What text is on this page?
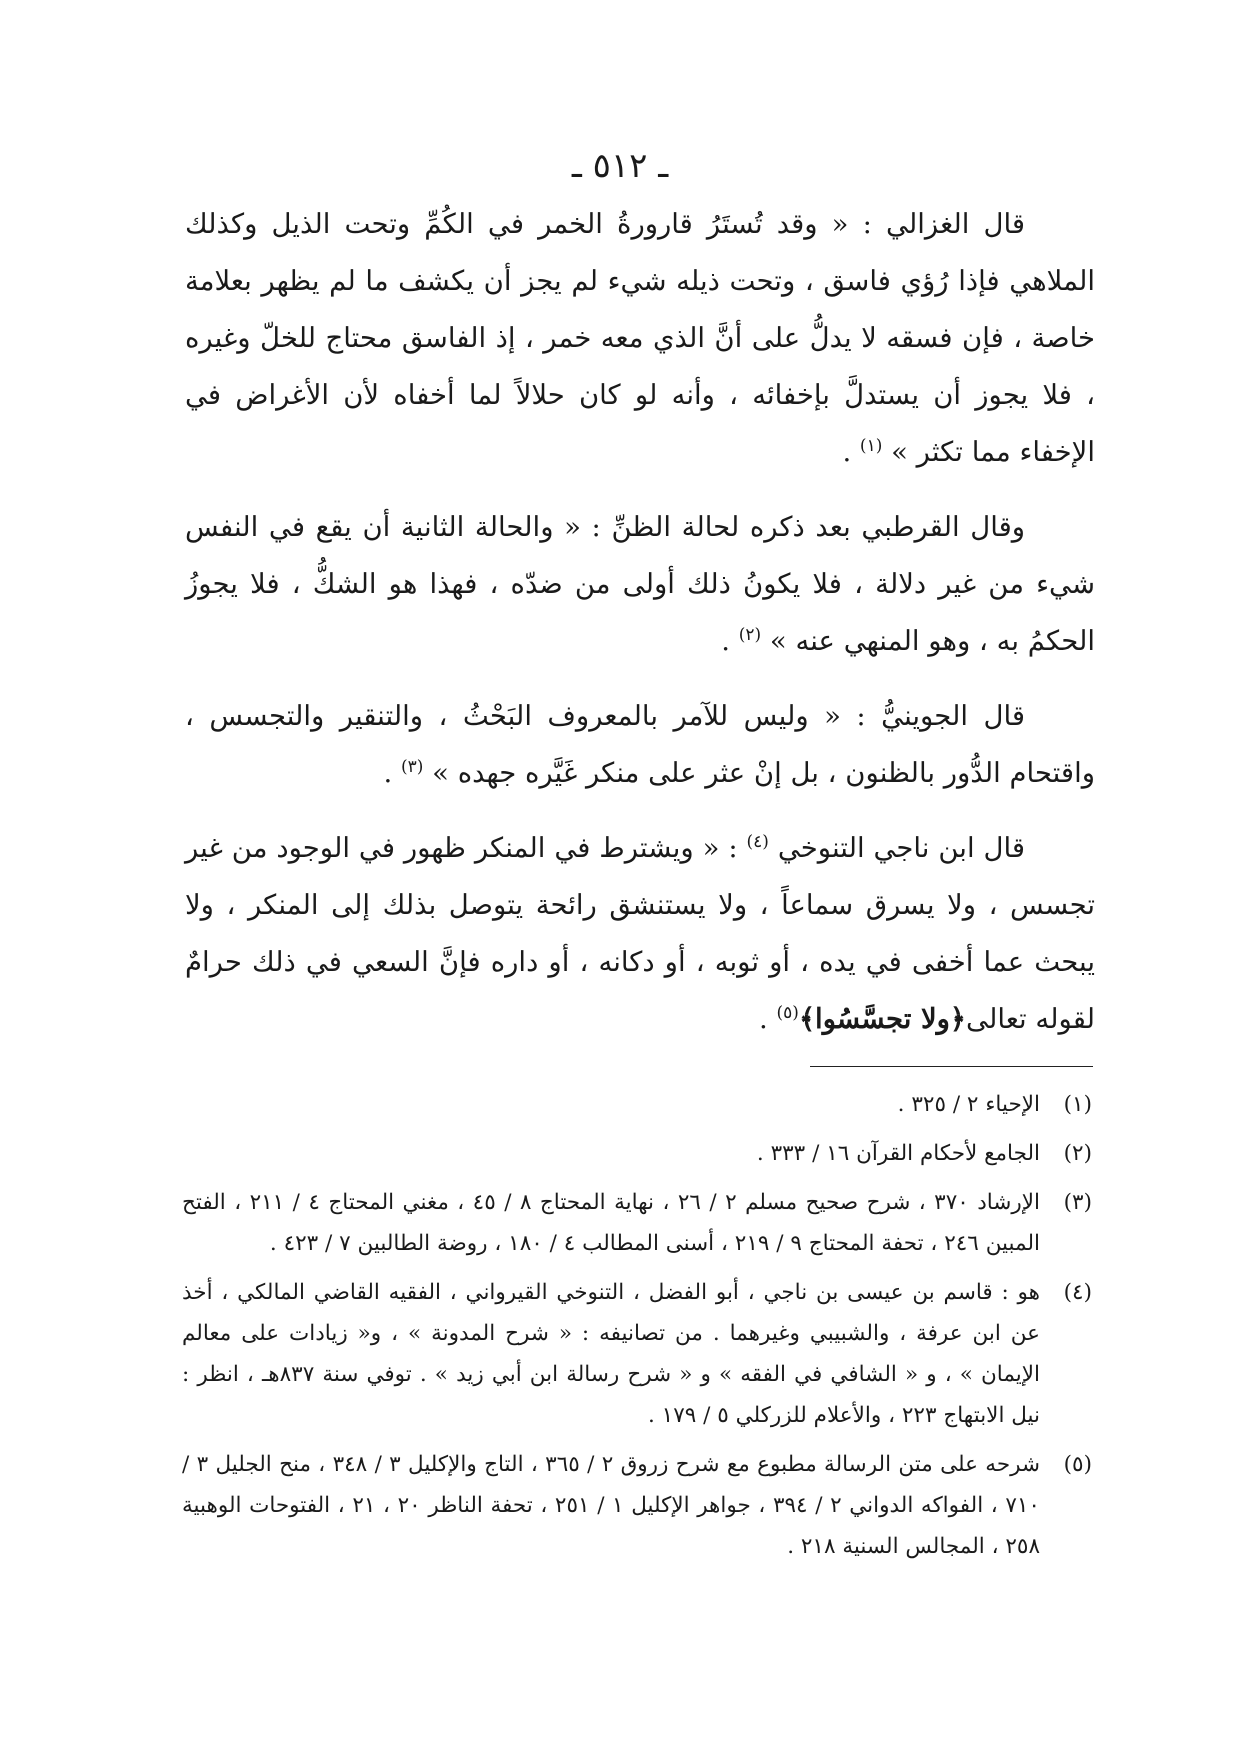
ـ ٥١٢ ـ

قال الغزالي : « وقد تُستَرُ قارورةُ الخمر في الكُمِّ وتحت الذيل وكذلك الملاهي فإذا رُؤي فاسق ، وتحت ذيله شيء لم يجز أن يكشف ما لم يظهر بعلامة خاصة ، فإن فسقه لا يدلُّ على أنَّ الذي معه خمر ، إذ الفاسق محتاج للخلّ وغيره ، فلا يجوز أن يستدلَّ بإخفائه ، وأنه لو كان حلالاً لما أخفاه لأن الأغراض في الإخفاء مما تكثر » $^{(١)}$ .

وقال القرطبي بعد ذكره لحالة الظنِّ : « والحالة الثانية أن يقع في النفس شيء من غير دلالة ، فلا يكونُ ذلك أولى من ضدّه ، فهذا هو الشكُّ ، فلا يجوزُ الحكمُ به ، وهو المنهي عنه » $^{(٢)}$ .

قال الجوينيُّ : « وليس للآمر بالمعروف البَحْثُ ، والتنقير والتجسس ، واقتحام الدُّور بالظنون ، بل إنْ عثر على منكر غَيَّره جهده » $^{(٣)}$ .

قال ابن ناجي التنوخي $^{(٤)}$ : « ويشترط في المنكر ظهور في الوجود من غير تجسس ، ولا يسرق سماعاً ، ولا يستنشق رائحة يتوصل بذلك إلى المنكر ، ولا يبحث عما أخفى في يده ، أو ثوبه ، أو دكانه ، أو داره فإنَّ السعي في ذلك حرامٌ لقوله تعالى﴿ولا تجسَّسُوا﴾$^{(٥)}$ .

(١)
الإحياء ٢ / ٣٢٥ .
(٢)
الجامع لأحكام القرآن ١٦ / ٣٣٣ .
(٣)
الإرشاد ٣٧٠ ، شرح صحيح مسلم ٢ / ٢٦ ، نهاية المحتاج ٨ / ٤٥ ، مغني المحتاج ٤ / ٢١١ ، الفتح المبين ٢٤٦ ، تحفة المحتاج ٩ / ٢١٩ ، أسنى المطالب ٤ / ١٨٠ ، روضة الطالبين ٧ / ٤٢٣ .
(٤)
هو : قاسم بن عيسى بن ناجي ، أبو الفضل ، التنوخي القيرواني ، الفقيه القاضي المالكي ، أخذ عن ابن عرفة ، والشبيبي وغيرهما . من تصانيفه : « شرح المدونة » ، و« زيادات على معالم الإيمان » ، و « الشافي في الفقه » و « شرح رسالة ابن أبي زيد » . توفي سنة ٨٣٧هـ ، انظر : نيل الابتهاج ٢٢٣ ، والأعلام للزركلي ٥ / ١٧٩ .
(٥)
شرحه على متن الرسالة مطبوع مع شرح زروق ٢ / ٣٦٥ ، التاج والإكليل ٣ / ٣٤٨ ، منح الجليل ٣ / ٧١٠ ، الفواكه الدواني ٢ / ٣٩٤ ، جواهر الإكليل ١ / ٢٥١ ، تحفة الناظر ٢٠ ، ٢١ ، الفتوحات الوهبية ٢٥٨ ، المجالس السنية ٢١٨ .
